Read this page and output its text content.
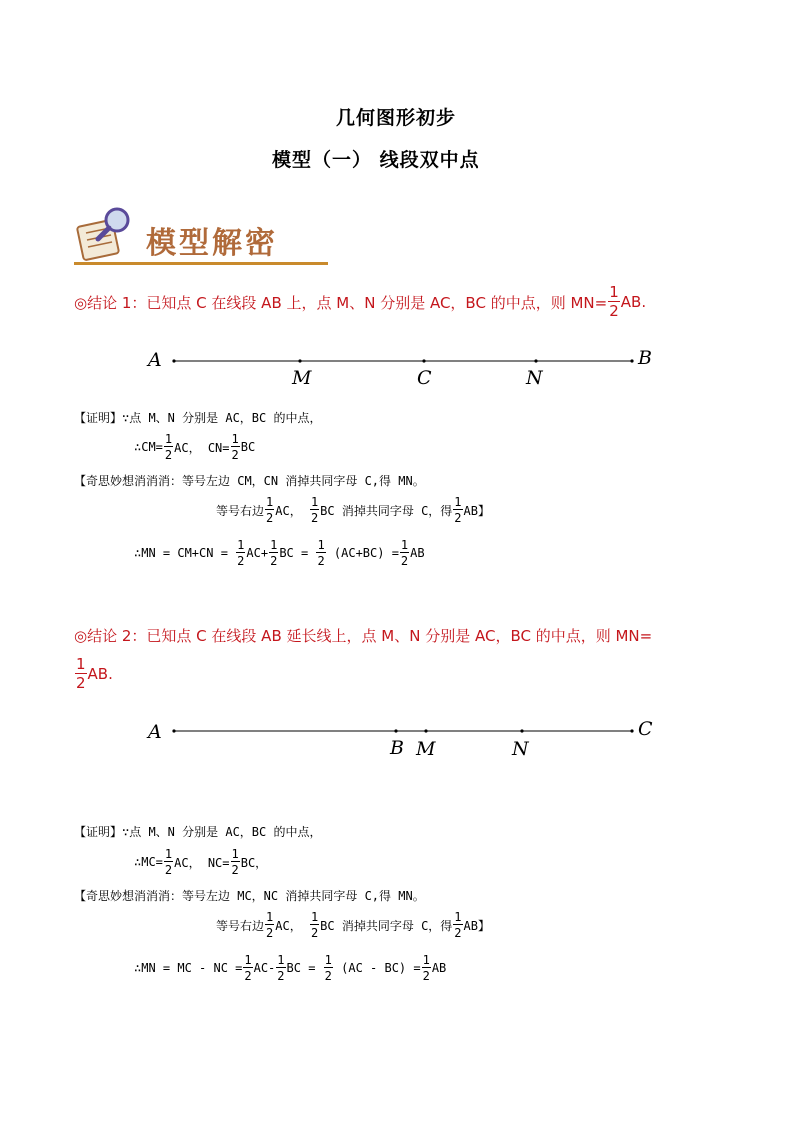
几何图形初步
模型（一） 线段双中点
模型解密
◎结论 1：已知点 C 在线段 AB 上，点 M、N 分别是 AC，BC 的中点，则 $MN= \frac{1}{2}$ AB.
A	B
M	C	N
【证明】∵点 M、N 分别是 AC，BC 的中点，
∴CM= $\frac{1}{2}$ AC， $CN= \frac{1}{2}$ BC
【奇思妙想消消消：等号左边 CM，CN 消掉共同字母 C,得 MN。
等号右边 $\frac{1}{2}$ AC， $\frac{1}{2}$ BC 消掉共同字母 C，得 $\frac{1}{2}$ AB】
∴MN = $CM+CN = \frac{1}{2} AC+ \frac{1}{2}$ BC = $\frac{1}{2} (AC+BC) = \frac{1}{2}$ AB
◎结论 2：已知点 C 在线段 AB 延长线上，点 M、N 分别是 AC，BC 的中点，则 MN=
$\frac{1}{2}$ AB.
A	C
B M	N
【证明】∵点 M、N 分别是 AC，BC 的中点，
∴MC= $\frac{1}{2}$ AC， $NC= \frac{1}{2}$ BC，
【奇思妙想消消消：等号左边 MC，NC 消掉共同字母 C,得 MN。
等号右边 $\frac{1}{2}$ AC， $\frac{1}{2}$ BC 消掉共同字母 C，得 $\frac{1}{2}$ AB】
∴MN = MC - NC = $\frac{1}{2} AC- \frac{1}{2}$ BC = $\frac{1}{2} (AC - BC) = \frac{1}{2}$ AB
